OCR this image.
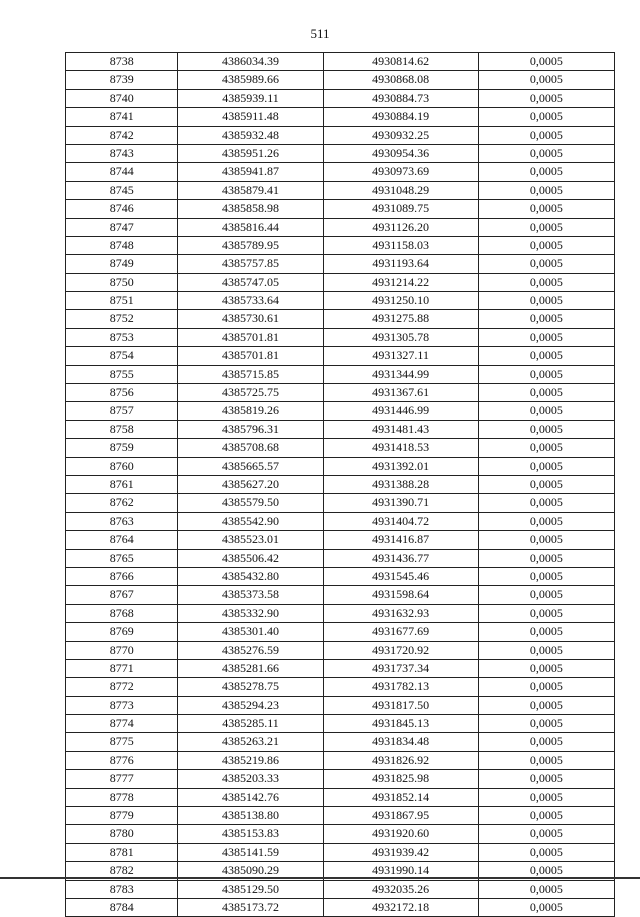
511
8738	4386034.39	4930814.62	0,0005
8739	4385989.66	4930868.08	0,0005
8740	4385939.11	4930884.73	0,0005
8741	4385911.48	4930884.19	0,0005
8742	4385932.48	4930932.25	0,0005
8743	4385951.26	4930954.36	0,0005
8744	4385941.87	4930973.69	0,0005
8745	4385879.41	4931048.29	0,0005
8746	4385858.98	4931089.75	0,0005
8747	4385816.44	4931126.20	0,0005
8748	4385789.95	4931158.03	0,0005
8749	4385757.85	4931193.64	0,0005
8750	4385747.05	4931214.22	0,0005
8751	4385733.64	4931250.10	0,0005
8752	4385730.61	4931275.88	0,0005
8753	4385701.81	4931305.78	0,0005
8754	4385701.81	4931327.11	0,0005
8755	4385715.85	4931344.99	0,0005
8756	4385725.75	4931367.61	0,0005
8757	4385819.26	4931446.99	0,0005
8758	4385796.31	4931481.43	0,0005
8759	4385708.68	4931418.53	0,0005
8760	4385665.57	4931392.01	0,0005
8761	4385627.20	4931388.28	0,0005
8762	4385579.50	4931390.71	0,0005
8763	4385542.90	4931404.72	0,0005
8764	4385523.01	4931416.87	0,0005
8765	4385506.42	4931436.77	0,0005
8766	4385432.80	4931545.46	0,0005
8767	4385373.58	4931598.64	0,0005
8768	4385332.90	4931632.93	0,0005
8769	4385301.40	4931677.69	0,0005
8770	4385276.59	4931720.92	0,0005
8771	4385281.66	4931737.34	0,0005
8772	4385278.75	4931782.13	0,0005
8773	4385294.23	4931817.50	0,0005
8774	4385285.11	4931845.13	0,0005
8775	4385263.21	4931834.48	0,0005
8776	4385219.86	4931826.92	0,0005
8777	4385203.33	4931825.98	0,0005
8778	4385142.76	4931852.14	0,0005
8779	4385138.80	4931867.95	0,0005
8780	4385153.83	4931920.60	0,0005
8781	4385141.59	4931939.42	0,0005
8782	4385090.29	4931990.14	0,0005
8783	4385129.50	4932035.26	0,0005
8784	4385173.72	4932172.18	0,0005
